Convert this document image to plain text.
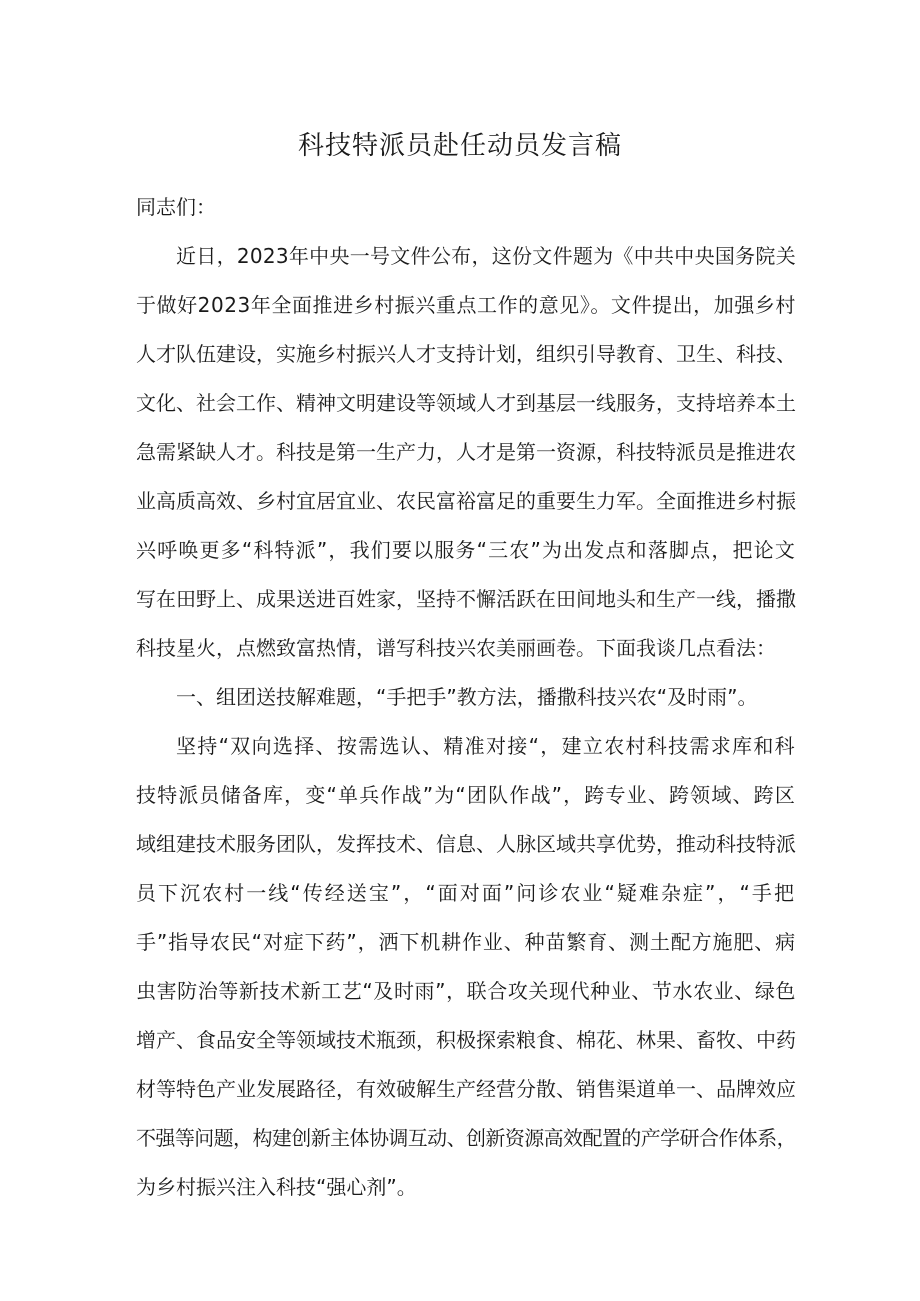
科技特派员赴任动员发言稿
同志们：
近日，2023年中央一号文件公布，这份文件题为《中共中央国务院关
于做好2023年全面推进乡村振兴重点工作的意见》。文件提出，加强乡村
人才队伍建设，实施乡村振兴人才支持计划，组织引导教育、卫生、科技、
文化、社会工作、精神文明建设等领域人才到基层一线服务，支持培养本土
急需紧缺人才。科技是第一生产力，人才是第一资源，科技特派员是推进农
业高质高效、乡村宜居宜业、农民富裕富足的重要生力军。全面推进乡村振
兴呼唤更多“科特派”，我们要以服务“三农”为出发点和落脚点，把论文
写在田野上、成果送进百姓家，坚持不懈活跃在田间地头和生产一线，播撒
科技星火，点燃致富热情，谱写科技兴农美丽画卷。下面我谈几点看法：
一、组团送技解难题，“手把手”教方法，播撒科技兴农“及时雨”。
坚持“双向选择、按需选认、精准对接“，建立农村科技需求库和科
技特派员储备库，变“单兵作战”为“团队作战”，跨专业、跨领域、跨区
域组建技术服务团队，发挥技术、信息、人脉区域共享优势，推动科技特派
员下沉农村一线“传经送宝”，“面对面”问诊农业“疑难杂症”，“手把
手”指导农民“对症下药”，洒下机耕作业、种苗繁育、测土配方施肥、病
虫害防治等新技术新工艺“及时雨”，联合攻关现代种业、节水农业、绿色
增产、食品安全等领域技术瓶颈，积极探索粮食、棉花、林果、畜牧、中药
材等特色产业发展路径，有效破解生产经营分散、销售渠道单一、品牌效应
不强等问题，构建创新主体协调互动、创新资源高效配置的产学研合作体系，
为乡村振兴注入科技“强心剂”。
